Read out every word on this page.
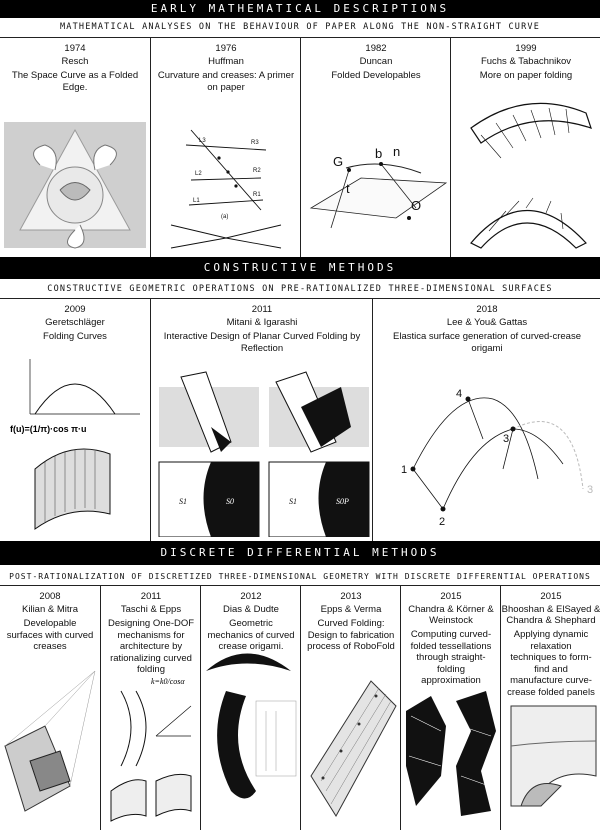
EARLY MATHEMATICAL DESCRIPTIONS
MATHEMATICAL ANALYSES ON THE BEHAVIOUR OF PAPER ALONG THE NON-STRAIGHT CURVE
1974
Resch
The Space Curve as a Folded Edge.
1976
Huffman
Curvature and creases: A primer on paper
L3	R3
L2	R2
L1
R1
(a)
1982
Duncan
Folded Developables
G
b n
t
O
1999
Fuchs & Tabachnikov
More on paper folding
CONSTRUCTIVE METHODS
CONSTRUCTIVE GEOMETRIC OPERATIONS ON PRE-RATIONALIZED THREE-DIMENSIONAL SURFACES
2009
Geretschläger
Folding Curves
f(u)=(1/π)·cos π·u
2011
Mitani & Igarashi
Interactive Design of Planar Curved Folding by Reflection
S1	S0	S1	S0P
2018
Lee & You& Gattas
Elastica surface generation of curved-crease origami
1
2
3
4
3
DISCRETE DIFFERENTIAL METHODS
POST-RATIONALIZATION OF DISCRETIZED THREE-DIMENSIONAL GEOMETRY WITH DISCRETE DIFFERENTIAL OPERATIONS
2008
Kilian & Mitra
Developable surfaces with curved creases
2011
Taschi & Epps
Designing One-DOF mechanisms for architecture by rationalizing curved folding
k=k0/cosα
2012
Dias & Dudte
Geometric mechanics of curved crease origami.
2013
Epps & Verma
Curved Folding: Design to fabrication process of RoboFold
2015
Chandra & Körner & Weinstock
Computing curved-folded tessellations through straight-folding approximation
2015
Bhooshan & ElSayed & Chandra & Shephard
Applying dynamic relaxation techniques to form-find and manufacture curve-crease folded panels
